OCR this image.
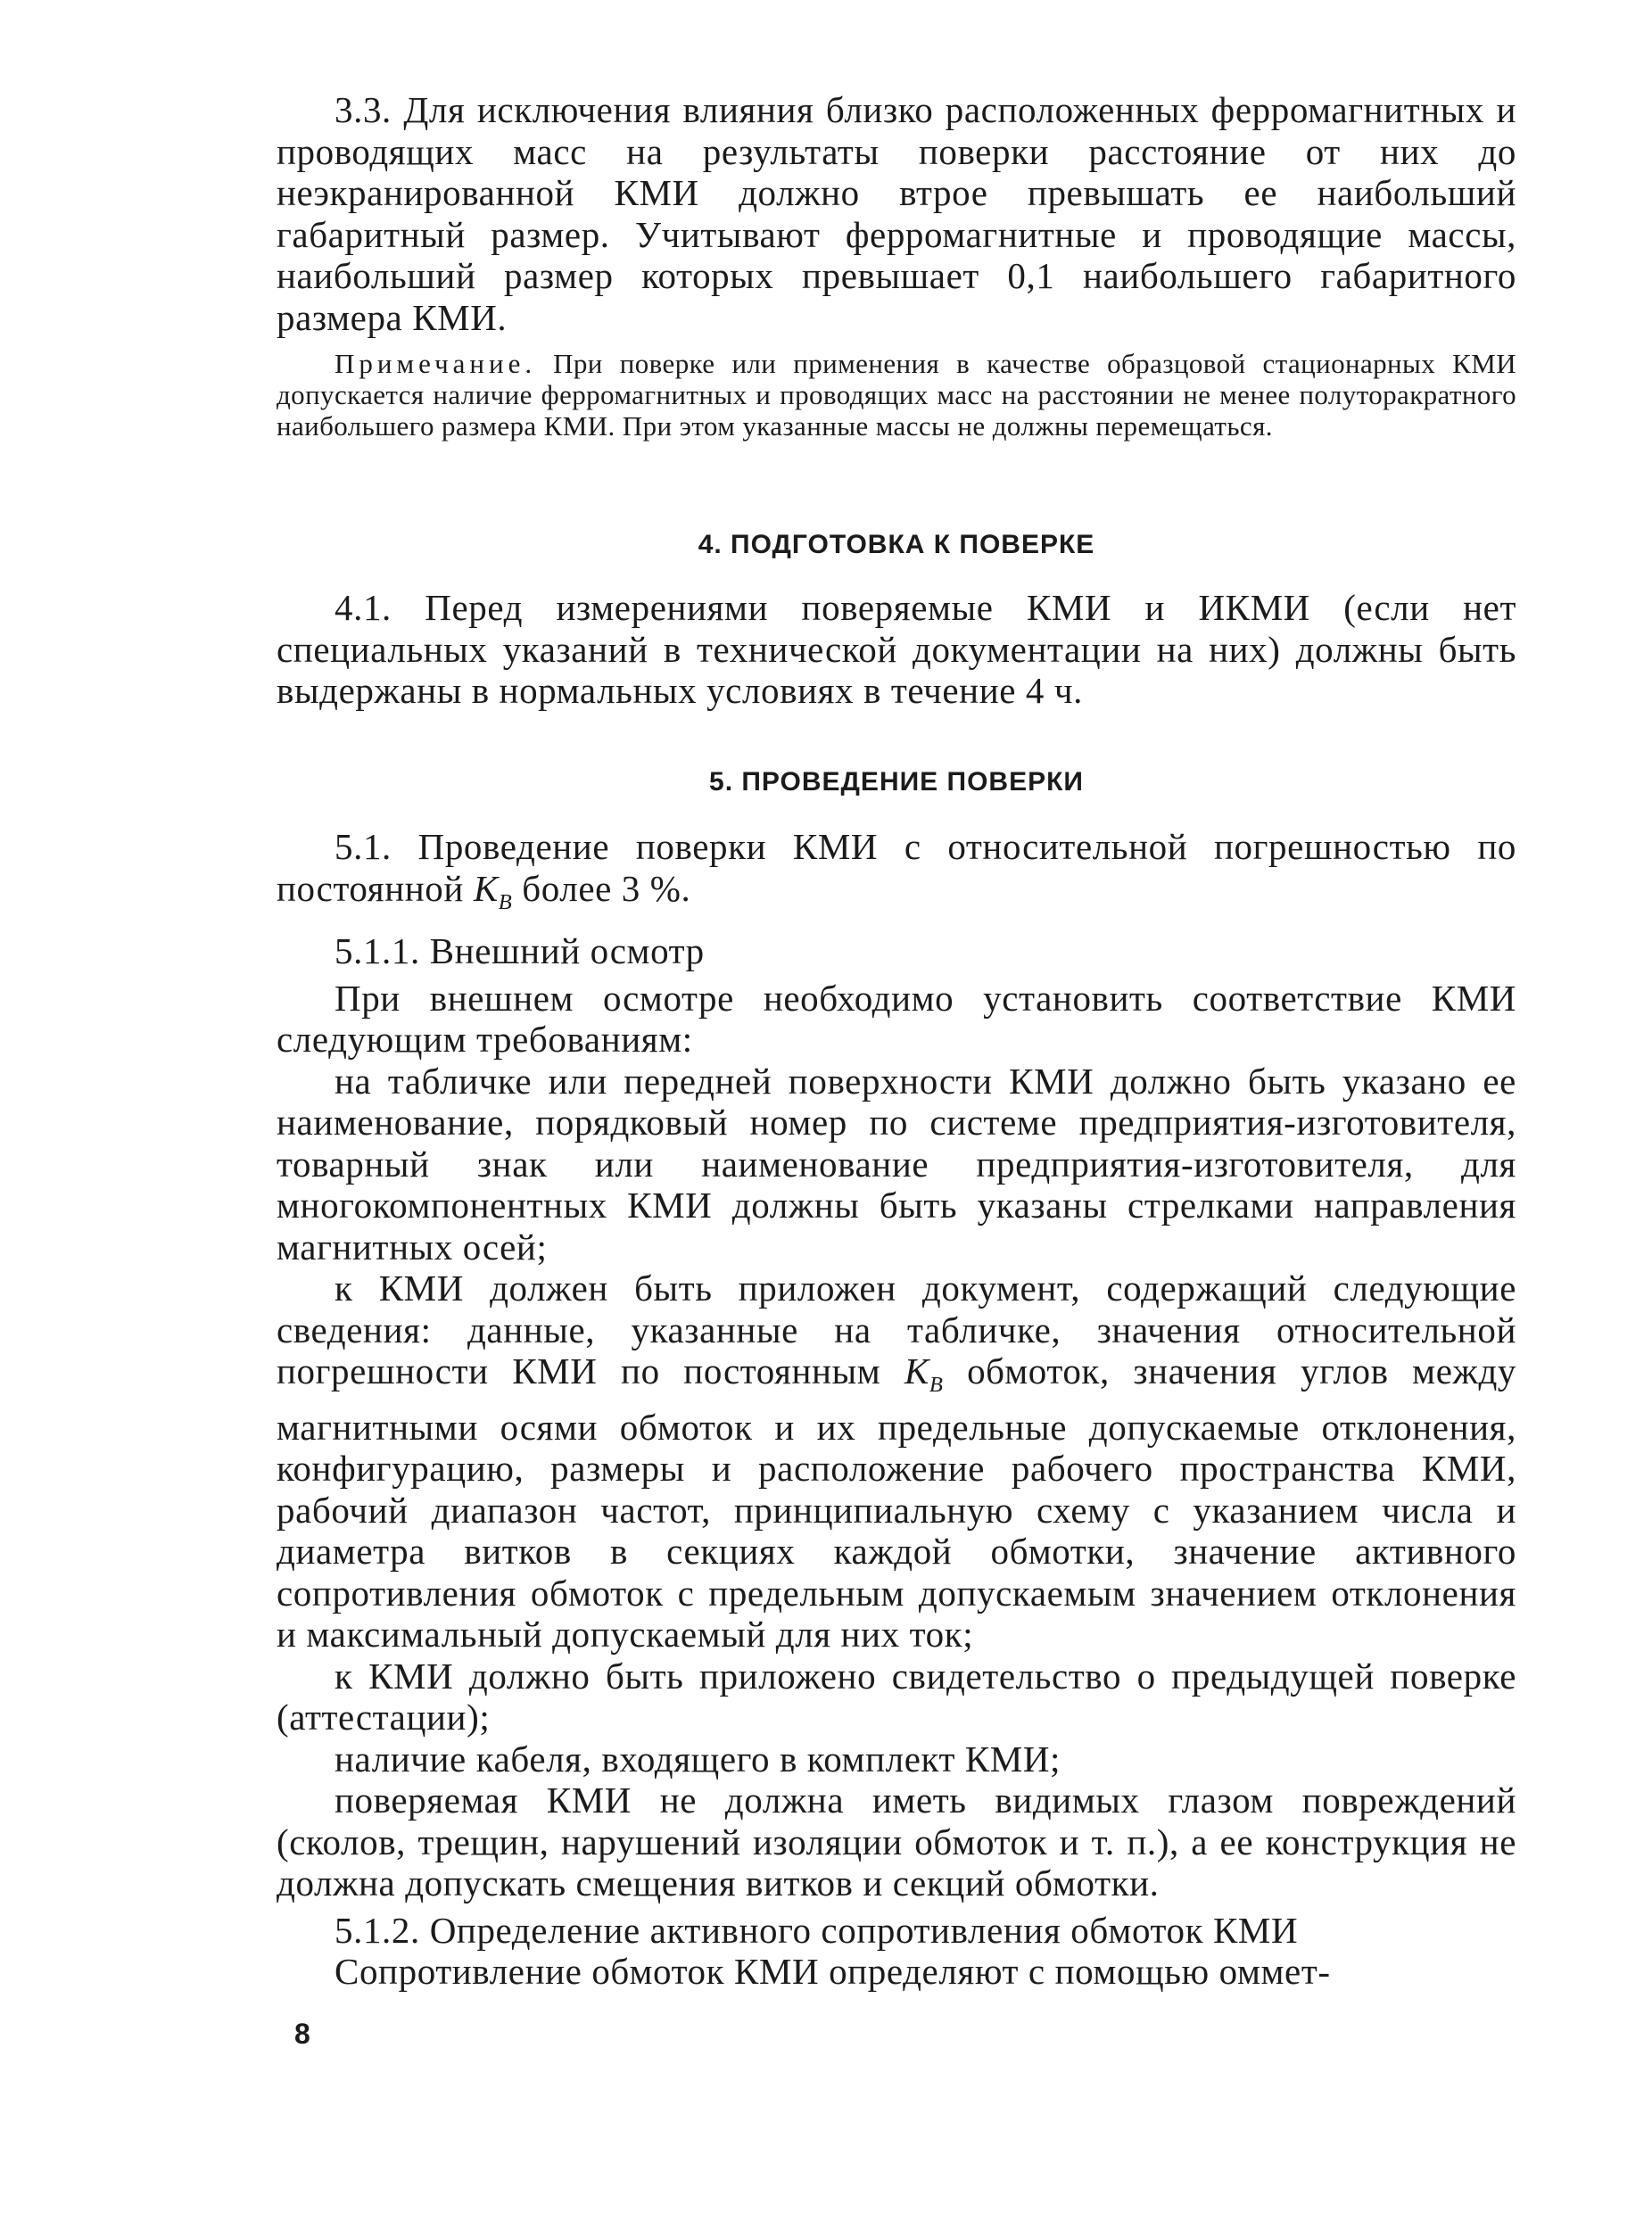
3.3. Для исключения влияния близко расположенных ферромагнитных и проводящих масс на результаты поверки расстояние от них до неэкранированной КМИ должно втрое превышать ее наибольший габаритный размер. Учитывают ферромагнитные и проводящие массы, наибольший размер которых превышает 0,1 наибольшего габаритного размера КМИ.

Примечание. При поверке или применения в качестве образцовой стационарных КМИ допускается наличие ферромагнитных и проводящих масс на расстоянии не менее полуторакратного наибольшего размера КМИ. При этом указанные массы не должны перемещаться.

4. ПОДГОТОВКА К ПОВЕРКЕ

4.1. Перед измерениями поверяемые КМИ и ИКМИ (если нет специальных указаний в технической документации на них) должны быть выдержаны в нормальных условиях в течение 4 ч.

5. ПРОВЕДЕНИЕ ПОВЕРКИ

5.1. Проведение поверки КМИ с относительной погрешностью по постоянной $K_B$ более 3 %.

5.1.1. Внешний осмотр

При внешнем осмотре необходимо установить соответствие КМИ следующим требованиям:

на табличке или передней поверхности КМИ должно быть указано ее наименование, порядковый номер по системе предприятия-изготовителя, товарный знак или наименование предприятия-изготовителя, для многокомпонентных КМИ должны быть указаны стрелками направления магнитных осей;

к КМИ должен быть приложен документ, содержащий следующие сведения: данные, указанные на табличке, значения относительной погрешности КМИ по постоянным $K_B$ обмоток, значения углов между магнитными осями обмоток и их предельные допускаемые отклонения, конфигурацию, размеры и расположение рабочего пространства КМИ, рабочий диапазон частот, принципиальную схему с указанием числа и диаметра витков в секциях каждой обмотки, значение активного сопротивления обмоток с предельным допускаемым значением отклонения и максимальный допускаемый для них ток;

к КМИ должно быть приложено свидетельство о предыдущей поверке (аттестации);

наличие кабеля, входящего в комплект КМИ;

поверяемая КМИ не должна иметь видимых глазом повреждений (сколов, трещин, нарушений изоляции обмоток и т. п.), а ее конструкция не должна допускать смещения витков и секций обмотки.

5.1.2. Определение активного сопротивления обмоток КМИ

Сопротивление обмоток КМИ определяют с помощью оммет-

8
